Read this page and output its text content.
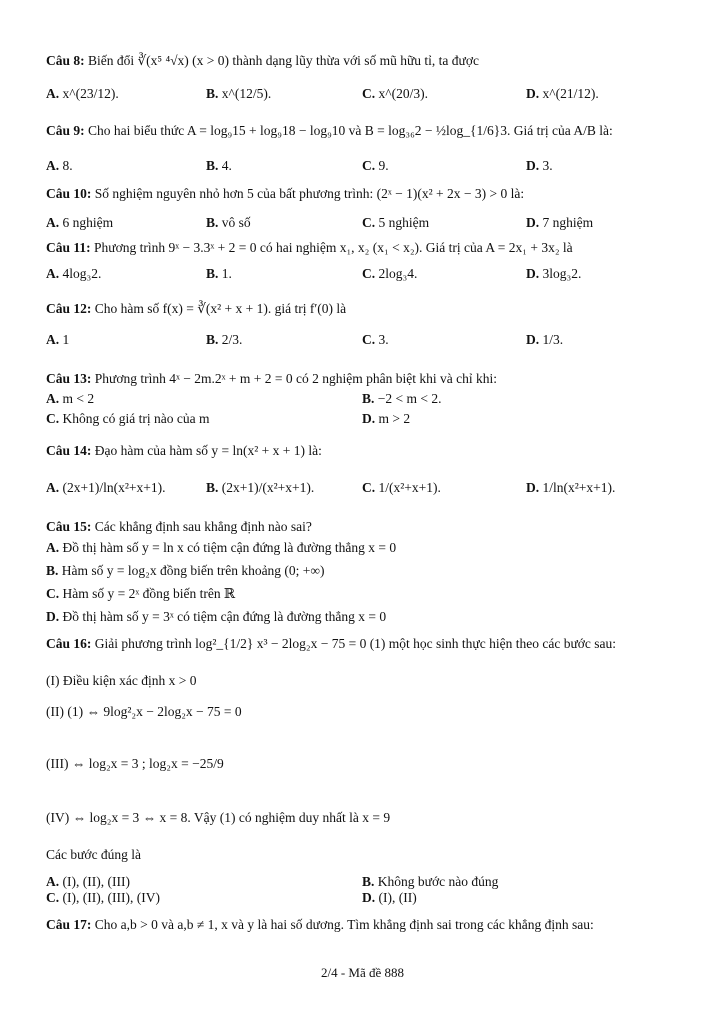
Câu 8: Biến đổi ∛(x⁵ ⁴√x) (x > 0) thành dạng lũy thừa với số mũ hữu tỉ, ta được
A. x^(23/12).	B. x^(12/5).	C. x^(20/3).	D. x^(21/12).
Câu 9: Cho hai biểu thức A = log₉15 + log₉18 − log₉10 và B = log₃₆2 − ½log_{1/6}3. Giá trị của A/B là:
A. 8.	B. 4.	C. 9.	D. 3.
Câu 10: Số nghiệm nguyên nhỏ hơn 5 của bất phương trình: (2ˣ − 1)(x² + 2x − 3) > 0 là:
A. 6 nghiệm	B. vô số	C. 5 nghiệm	D. 7 nghiệm
Câu 11: Phương trình 9ˣ − 3.3ˣ + 2 = 0 có hai nghiệm x₁, x₂ (x₁ < x₂). Giá trị của A = 2x₁ + 3x₂ là
A. 4log₃2.	B. 1.	C. 2log₃4.	D. 3log₃2.
Câu 12: Cho hàm số f(x) = ∛(x² + x + 1). giá trị f′(0) là
A. 1	B. 2/3.	C. 3.	D. 1/3.
Câu 13: Phương trình 4ˣ − 2m.2ˣ + m + 2 = 0 có 2 nghiệm phân biệt khi và chỉ khi:
A. m < 2	B. −2 < m < 2.
C. Không có giá trị nào của m	D. m > 2
Câu 14: Đạo hàm của hàm số y = ln(x² + x + 1) là:
A. (2x+1)/ln(x²+x+1).	B. (2x+1)/(x²+x+1).	C. 1/(x²+x+1).	D. 1/ln(x²+x+1).
Câu 15: Các khẳng định sau khẳng định nào sai?
A. Đồ thị hàm số y = ln x có tiệm cận đứng là đường thẳng x = 0
B. Hàm số y = log₂x đồng biến trên khoảng (0; +∞)
C. Hàm số y = 2ˣ đồng biến trên ℝ
D. Đồ thị hàm số y = 3ˣ có tiệm cận đứng là đường thẳng x = 0
Câu 16: Giải phương trình log²_{1/2} x³ − 2log₂x − 75 = 0 (1) một học sinh thực hiện theo các bước sau:
(I) Điều kiện xác định x > 0
(II) (1) ⇔ 9log²₂x − 2log₂x − 75 = 0
(III) ⇔ log₂x = 3 ; log₂x = −25/9
(IV) ⇔ log₂x = 3 ⇔ x = 8. Vậy (1) có nghiệm duy nhất là x = 9
Các bước đúng là
A. (I), (II), (III)	B. Không bước nào đúng
C. (I), (II), (III), (IV)	D. (I), (II)
Câu 17: Cho a,b > 0 và a,b ≠ 1, x và y là hai số dương. Tìm khẳng định sai trong các khẳng định sau:
2/4 - Mã đề 888
